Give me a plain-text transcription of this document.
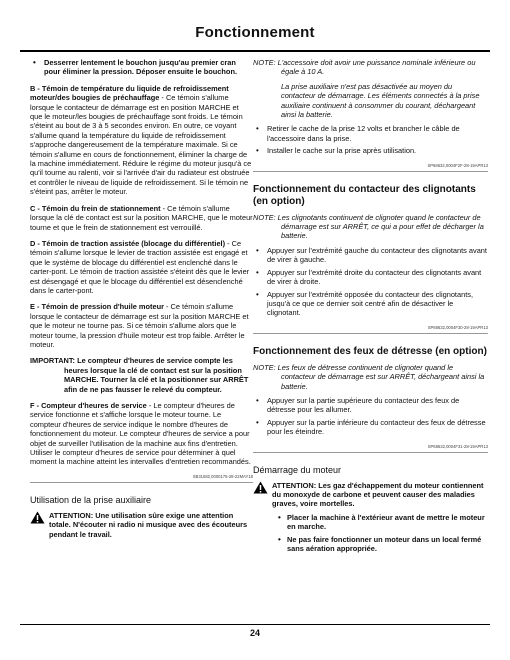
Fonctionnement
• Desserrer lentement le bouchon jusqu'au premier cran pour éliminer la pression. Déposer ensuite le bouchon.

B - Témoin de température du liquide de refroidissement moteur/des bougies de préchauffage - Ce témoin s'allume lorsque le contacteur de démarrage est en position MARCHE et que le moteur/les bougies de préchauffage sont froids. Le témoin s'éteint au bout de 3 à 5 secondes environ. En outre, ce voyant s'allume quand la température du liquide de refroidissement s'approche dangereusement de la température maximale. Si ce témoin s'allume en cours de fonctionnement, éliminer la charge de la machine immédiatement. Réduire le régime du moteur jusqu'à ce qu'il tourne au ralenti, voir si l'arrivée d'air du radiateur est obstruée et contrôler le niveau de liquide de refroidissement. Si le témoin ne s'éteint pas, arrêter le moteur.

C - Témoin du frein de stationnement - Ce témoin s'allume lorsque la clé de contact est sur la position MARCHE, que le moteur tourne et que le frein de stationnement est verrouillé.

D - Témoin de traction assistée (blocage du différentiel) - Ce témoin s'allume lorsque le levier de traction assistée est engagé et que le système de blocage du différentiel est enclenché dans le carter-pont. Le témoin de traction assistée s'éteint dès que le levier est désengagé et que le blocage du différentiel est désenclenché dans le carter-pont.

E - Témoin de pression d'huile moteur - Ce témoin s'allume lorsque le contacteur de démarrage est sur la position MARCHE et que le moteur ne tourne pas. Si ce témoin s'allume alors que le moteur tourne, la pression d'huile moteur est trop faible. Arrêter le moteur.

IMPORTANT: Le compteur d'heures de service compte les heures lorsque la clé de contact est sur la position MARCHE. Tourner la clé et la positionner sur ARRÊT afin de ne pas fausser le relevé du compteur.

F - Compteur d'heures de service - Le compteur d'heures de service fonctionne et s'affiche lorsque le moteur tourne. Le compteur d'heures de service indique le nombre d'heures de fonctionnement du moteur. Le compteur d'heures de service a pour objet de surveiller l'utilisation de la machine aux fins d'entretien. Utiliser le compteur d'heures de service pour déterminer à quel moment la machine atteint les intervalles d'entretien recommandés.

SB31582,0000175-28-22MAY18
Utilisation de la prise auxiliaire
ATTENTION: Une utilisation sûre exige une attention totale. N'écouter ni radio ni musique avec des écouteurs pendant le travail.

NOTE: L'accessoire doit avoir une puissance nominale inférieure ou égale à 10 A.

La prise auxiliaire n'est pas désactivée au moyen du contacteur de démarrage. Les éléments connectés à la prise auxiliaire continuent à consommer du courant, déchargeant ainsi la batterie.

• Retirer le cache de la prise 12 volts et brancher le câble de l'accessoire dans la prise.
• Installer le cache sur la prise après utilisation.
SP68632,0004F2F-28-19APR13
Fonctionnement du contacteur des clignotants (en option)

NOTE: Les clignotants continuent de clignoter quand le contacteur de démarrage est sur ARRÊT, ce qui a pour effet de décharger la batterie.

• Appuyer sur l'extrémité gauche du contacteur des clignotants avant de virer à gauche.
• Appuyer sur l'extrémité droite du contacteur des clignotants avant de virer à droite.
• Appuyer sur l'extrémité opposée du contacteur des clignotants, jusqu'à ce que ce dernier soit centré afin de désactiver le clignotant.
SP68632,0004F30-28-19APR13
Fonctionnement des feux de détresse (en option)

NOTE: Les feux de détresse continuent de clignoter quand le contacteur de démarrage est sur ARRÊT, déchargeant ainsi la batterie.

• Appuyer sur la partie supérieure du contacteur des feux de détresse pour les allumer.
• Appuyer sur la partie inférieure du contacteur des feux de détresse pour les éteindre.
SP68632,0004F31-28-19APR13
Démarrage du moteur
ATTENTION: Les gaz d'échappement du moteur contiennent du monoxyde de carbone et peuvent causer des maladies graves, voire mortelles.
• Placer la machine à l'extérieur avant de mettre le moteur en marche.
• Ne pas faire fonctionner un moteur dans un local fermé sans aération appropriée.
24
